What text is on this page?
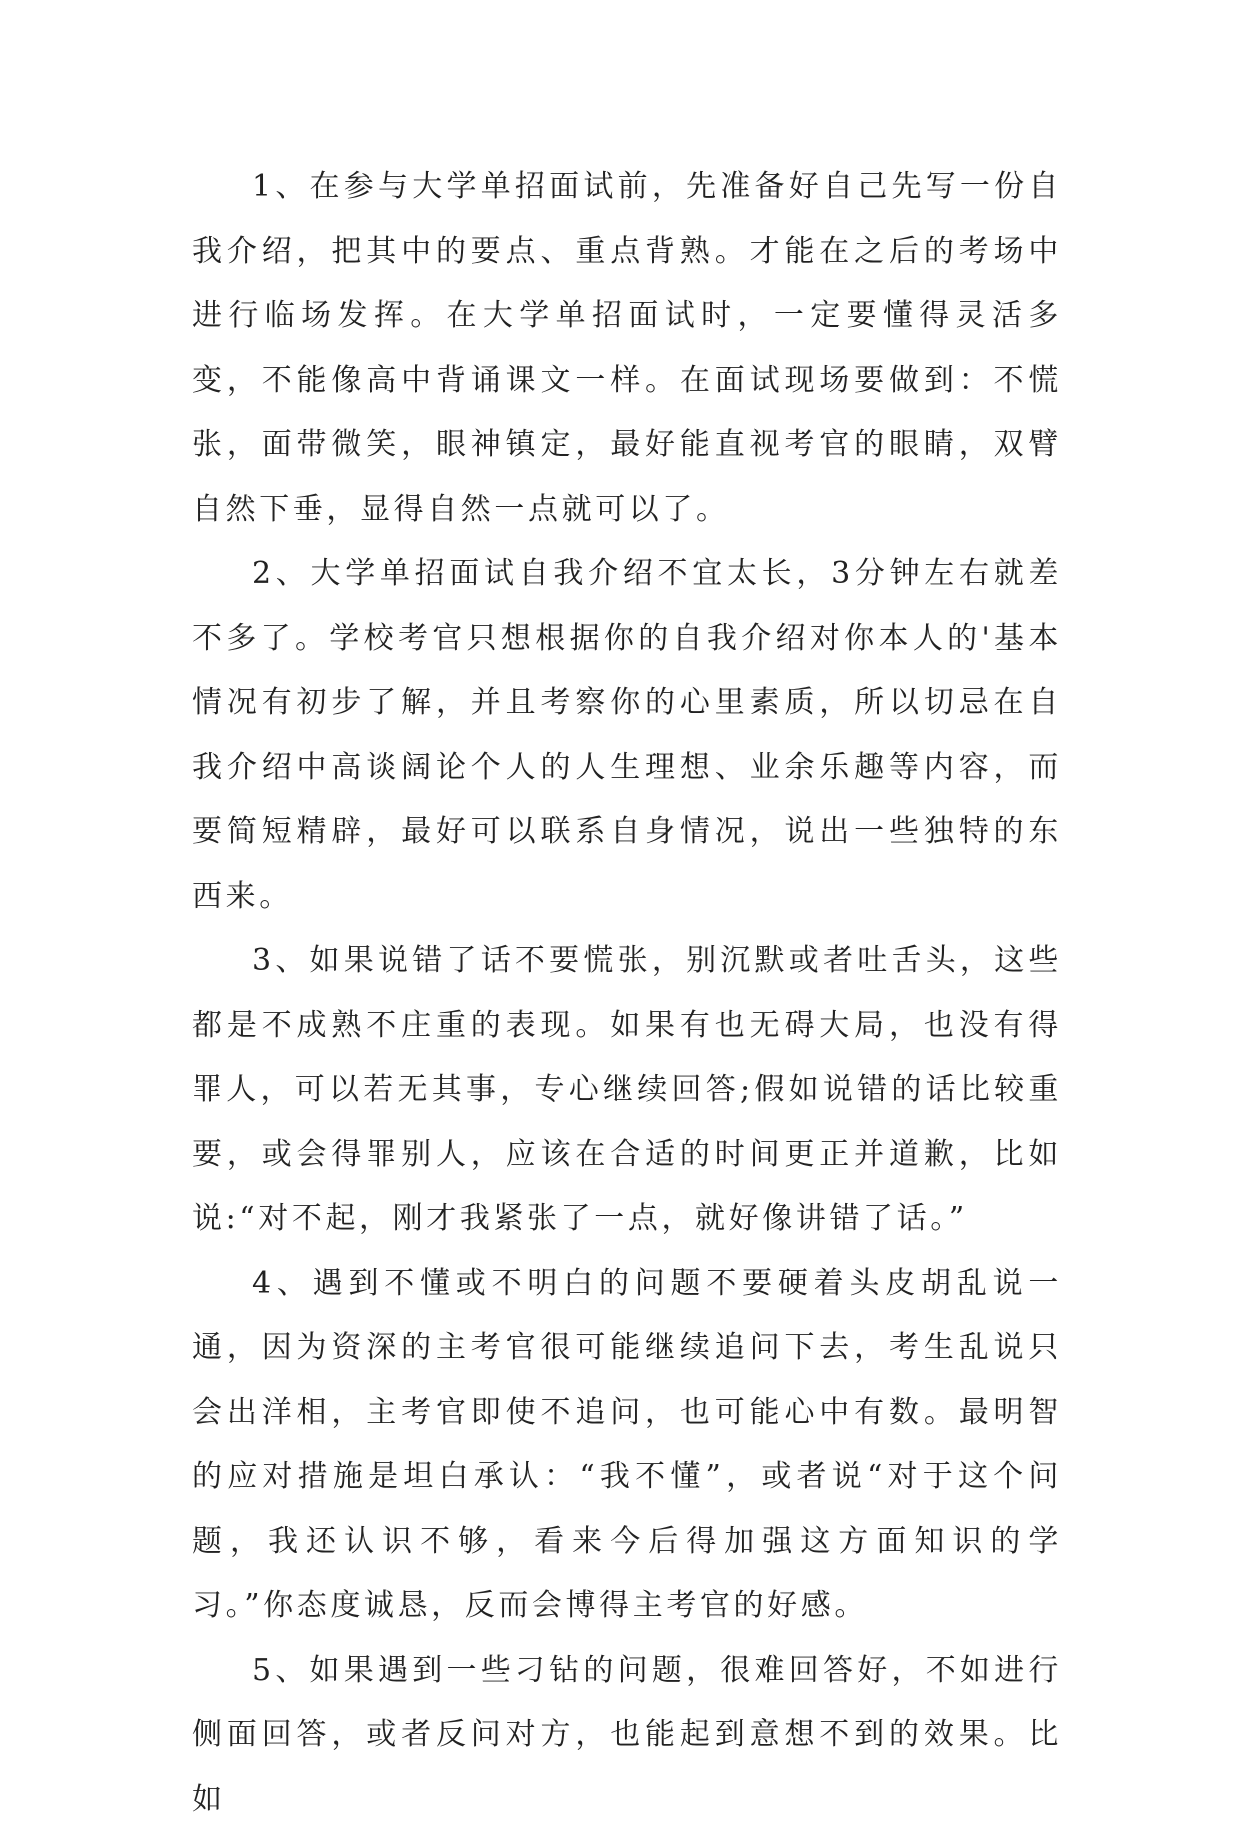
1、在参与大学单招面试前，先准备好自己先写一份自我介绍，把其中的要点、重点背熟。才能在之后的考场中进行临场发挥。在大学单招面试时，一定要懂得灵活多变，不能像高中背诵课文一样。在面试现场要做到：不慌张，面带微笑，眼神镇定，最好能直视考官的眼睛，双臂自然下垂，显得自然一点就可以了。

2、大学单招面试自我介绍不宜太长，3分钟左右就差不多了。学校考官只想根据你的自我介绍对你本人的'基本情况有初步了解，并且考察你的心里素质，所以切忌在自我介绍中高谈阔论个人的人生理想、业余乐趣等内容，而要简短精辟，最好可以联系自身情况，说出一些独特的东西来。

3、如果说错了话不要慌张，别沉默或者吐舌头，这些都是不成熟不庄重的表现。如果有也无碍大局，也没有得罪人，可以若无其事，专心继续回答;假如说错的话比较重要，或会得罪别人，应该在合适的时间更正并道歉，比如说:“对不起，刚才我紧张了一点，就好像讲错了话。”

4、遇到不懂或不明白的问题不要硬着头皮胡乱说一通，因为资深的主考官很可能继续追问下去，考生乱说只会出洋相，主考官即使不追问，也可能心中有数。最明智的应对措施是坦白承认：“我不懂”，或者说“对于这个问题，我还认识不够，看来今后得加强这方面知识的学习。”你态度诚恳，反而会博得主考官的好感。

5、如果遇到一些刁钻的问题，很难回答好，不如进行侧面回答，或者反问对方，也能起到意想不到的效果。比如
